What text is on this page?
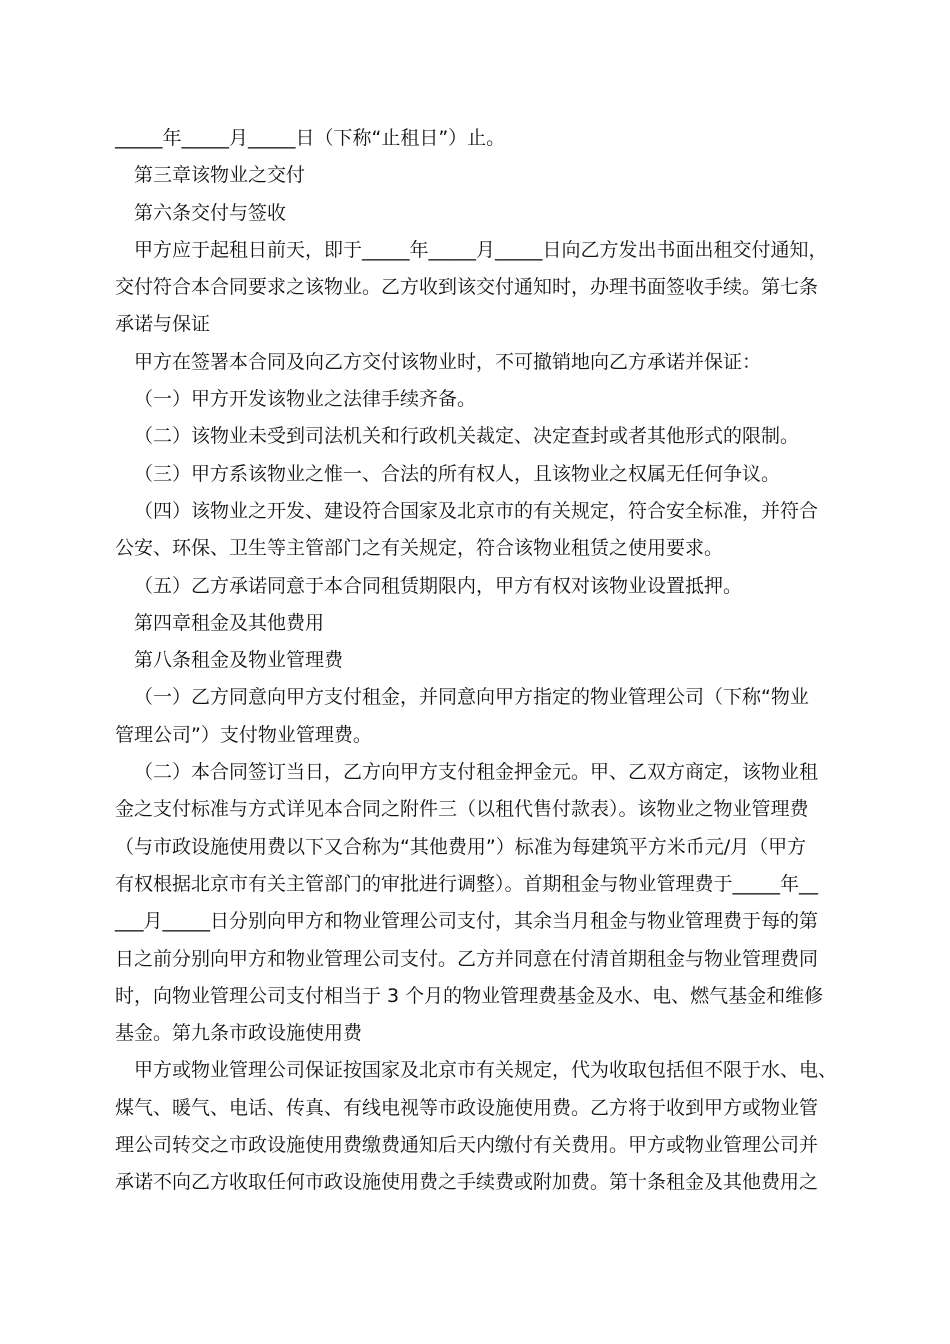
_____年_____月_____日（下称“止租日”）止。
第三章该物业之交付
第六条交付与签收
甲方应于起租日前天，即于_____年_____月_____日向乙方发出书面出租交付通知，
交付符合本合同要求之该物业。乙方收到该交付通知时，办理书面签收手续。第七条
承诺与保证
甲方在签署本合同及向乙方交付该物业时，不可撤销地向乙方承诺并保证：
（一）甲方开发该物业之法律手续齐备。
（二）该物业未受到司法机关和行政机关裁定、决定查封或者其他形式的限制。
（三）甲方系该物业之惟一、合法的所有权人，且该物业之权属无任何争议。
（四）该物业之开发、建设符合国家及北京市的有关规定，符合安全标准，并符合
公安、环保、卫生等主管部门之有关规定，符合该物业租赁之使用要求。
（五）乙方承诺同意于本合同租赁期限内，甲方有权对该物业设置抵押。
第四章租金及其他费用
第八条租金及物业管理费
（一）乙方同意向甲方支付租金，并同意向甲方指定的物业管理公司（下称“物业
管理公司”）支付物业管理费。
（二）本合同签订当日，乙方向甲方支付租金押金元。甲、乙双方商定，该物业租
金之支付标准与方式详见本合同之附件三（以租代售付款表）。该物业之物业管理费
（与市政设施使用费以下又合称为“其他费用”）标准为每建筑平方米币元/月（甲方
有权根据北京市有关主管部门的审批进行调整）。首期租金与物业管理费于_____年__
___月_____日分别向甲方和物业管理公司支付，其余当月租金与物业管理费于每的第
日之前分别向甲方和物业管理公司支付。乙方并同意在付清首期租金与物业管理费同
时，向物业管理公司支付相当于 3 个月的物业管理费基金及水、电、燃气基金和维修
基金。第九条市政设施使用费
甲方或物业管理公司保证按国家及北京市有关规定，代为收取包括但不限于水、电、
煤气、暖气、电话、传真、有线电视等市政设施使用费。乙方将于收到甲方或物业管
理公司转交之市政设施使用费缴费通知后天内缴付有关费用。甲方或物业管理公司并
承诺不向乙方收取任何市政设施使用费之手续费或附加费。第十条租金及其他费用之
